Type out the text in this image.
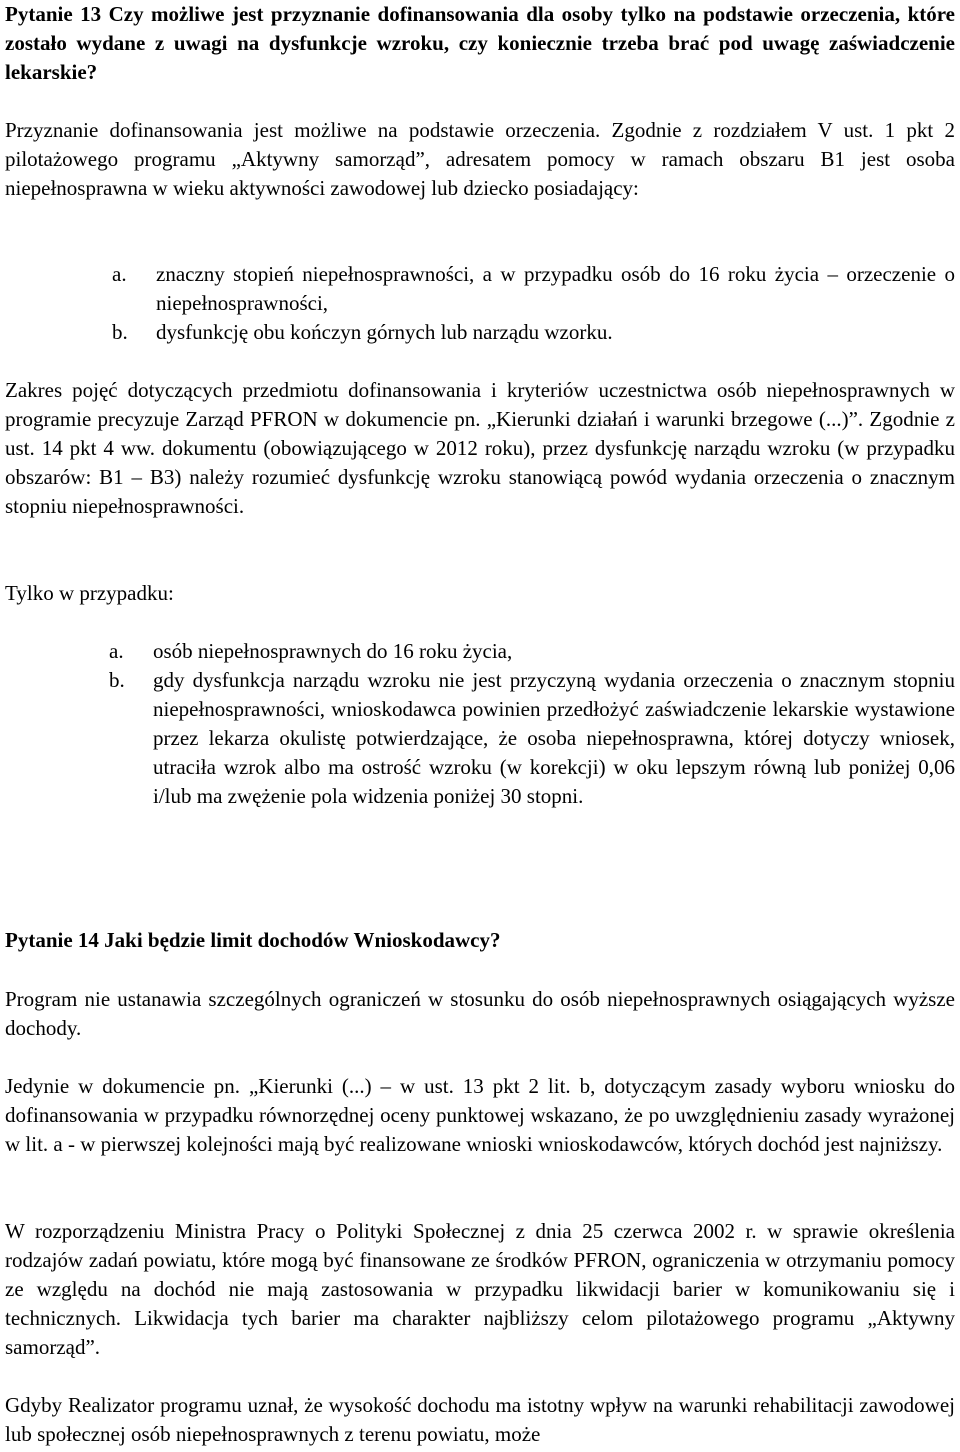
Pytanie 13 Czy możliwe jest przyznanie dofinansowania dla osoby tylko na podstawie orzeczenia, które zostało wydane z uwagi na dysfunkcje wzroku, czy koniecznie trzeba brać pod uwagę zaświadczenie lekarskie?

Przyznanie dofinansowania jest możliwe na podstawie orzeczenia. Zgodnie z rozdziałem V ust. 1 pkt 2 pilotażowego programu „Aktywny samorząd”, adresatem pomocy w ramach obszaru B1 jest osoba niepełnosprawna w wieku aktywności zawodowej lub dziecko posiadający:

a.	znaczny stopień niepełnosprawności, a w przypadku osób do 16 roku życia – orzeczenie o niepełnosprawności,
b.	dysfunkcję obu kończyn górnych lub narządu wzorku.

Zakres pojęć dotyczących przedmiotu dofinansowania i kryteriów uczestnictwa osób niepełnosprawnych w programie precyzuje Zarząd PFRON w dokumencie pn. „Kierunki działań i warunki brzegowe (...)”. Zgodnie z ust. 14 pkt 4 ww. dokumentu (obowiązującego w 2012 roku), przez dysfunkcję narządu wzroku (w przypadku obszarów: B1 – B3) należy rozumieć dysfunkcję wzroku stanowiącą powód wydania orzeczenia o znacznym stopniu niepełnosprawności.

Tylko w przypadku:

a.	osób niepełnosprawnych do 16 roku życia,
b.	gdy dysfunkcja narządu wzroku nie jest przyczyną wydania orzeczenia o znacznym stopniu niepełnosprawności, wnioskodawca powinien przedłożyć zaświadczenie lekarskie wystawione przez lekarza okulistę potwierdzające, że osoba niepełnosprawna, której dotyczy wniosek, utraciła wzrok albo ma ostrość wzroku (w korekcji) w oku lepszym równą lub poniżej 0,06 i/lub ma zwężenie pola widzenia poniżej 30 stopni.

Pytanie 14 Jaki będzie limit dochodów Wnioskodawcy?

Program nie ustanawia szczególnych ograniczeń w stosunku do osób niepełnosprawnych osiągających wyższe dochody.

Jedynie w dokumencie pn. „Kierunki (...) – w ust. 13 pkt 2 lit. b, dotyczącym zasady wyboru wniosku do dofinansowania w przypadku równorzędnej oceny punktowej wskazano, że po uwzględnieniu zasady wyrażonej w lit. a - w pierwszej kolejności mają być realizowane wnioski wnioskodawców, których dochód jest najniższy.

W rozporządzeniu Ministra Pracy o Polityki Społecznej z dnia 25 czerwca 2002 r. w sprawie określenia rodzajów zadań powiatu, które mogą być finansowane ze środków PFRON, ograniczenia w otrzymaniu pomocy ze względu na dochód nie mają zastosowania w przypadku likwidacji barier w komunikowaniu się i technicznych. Likwidacja tych barier ma charakter najbliższy celom pilotażowego programu „Aktywny samorząd”.

Gdyby Realizator programu uznał, że wysokość dochodu ma istotny wpływ na warunki rehabilitacji zawodowej lub społecznej osób niepełnosprawnych z terenu powiatu, może
